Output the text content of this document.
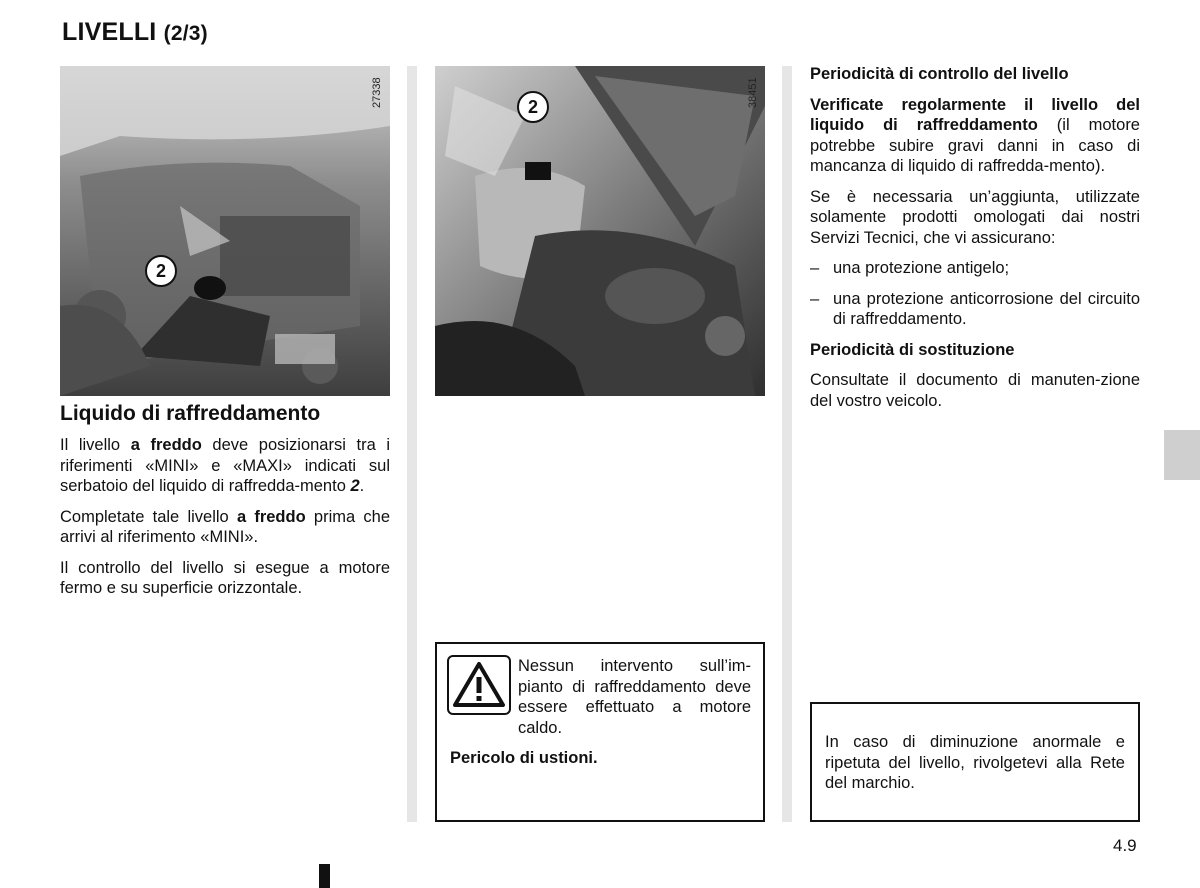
LIVELLI (2/3)
2
27338	2	38451
Liquido di raffreddamento

Il livello a freddo deve posizionarsi tra i riferimenti «MINI» e «MAXI» indicati sul serbatoio del liquido di raffredda-mento 2.

Completate tale livello a freddo prima che arrivi al riferimento «MINI».

Il controllo del livello si esegue a motore fermo e su superficie orizzontale.

Nessun intervento sull’im-pianto di raffreddamento deve essere effettuato a motore caldo.

Pericolo di ustioni.

Periodicità di controllo del livello

Verificate regolarmente il livello del liquido di raffreddamento (il motore potrebbe subire gravi danni in caso di mancanza di liquido di raffredda-mento).

Se è necessaria un’aggiunta, utilizzate solamente prodotti omologati dai nostri Servizi Tecnici, che vi assicurano:

– una protezione antigelo;
– una protezione anticorrosione del circuito di raffreddamento.

Periodicità di sostituzione

Consultate il documento di manuten-zione del vostro veicolo.

In caso di diminuzione anormale e ripetuta del livello, rivolgetevi alla Rete del marchio.

4.9
